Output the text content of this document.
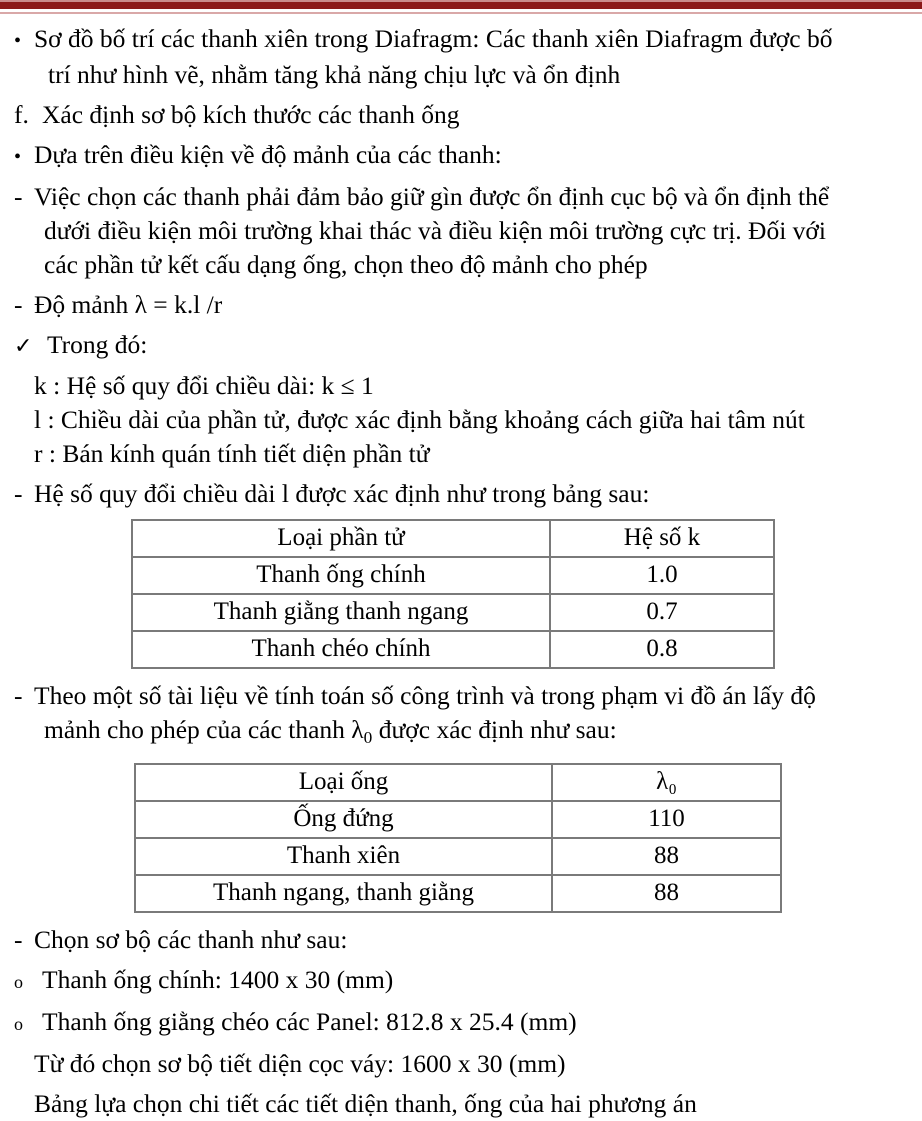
• Sơ đồ bố trí các thanh xiên trong Diafragm: Các thanh xiên Diafragm được bố
trí như hình vẽ, nhằm tăng khả năng chịu lực và ổn định
f. Xác định sơ bộ kích thước các thanh ống
• Dựa trên điều kiện về độ mảnh của các thanh:
- Việc chọn các thanh phải đảm bảo giữ gìn được ổn định cục bộ và ổn định thể
dưới điều kiện môi trường khai thác và điều kiện môi trường cực trị. Đối với
các phần tử kết cấu dạng ống, chọn theo độ mảnh cho phép
- Độ mảnh λ = k.l /r
✓ Trong đó:
k : Hệ số quy đổi chiều dài: k ≤ 1
l : Chiều dài của phần tử, được xác định bằng khoảng cách giữa hai tâm nút
r : Bán kính quán tính tiết diện phần tử
- Hệ số quy đổi chiều dài l được xác định như trong bảng sau:
Loại phần tử	Hệ số k
Thanh ống chính	1.0
Thanh giằng thanh ngang	0.7
Thanh chéo chính	0.8
- Theo một số tài liệu về tính toán số công trình và trong phạm vi đồ án lấy độ
mảnh cho phép của các thanh $\lambda_0$ được xác định như sau:
Loại ống	λ₀
Ống đứng	110
Thanh xiên	88
Thanh ngang, thanh giằng	88
- Chọn sơ bộ các thanh như sau:
o Thanh ống chính: 1400 x 30 (mm)
o Thanh ống giằng chéo các Panel: 812.8 x 25.4 (mm)
Từ đó chọn sơ bộ tiết diện cọc váy: 1600 x 30 (mm)
Bảng lựa chọn chi tiết các tiết diện thanh, ống của hai phương án
